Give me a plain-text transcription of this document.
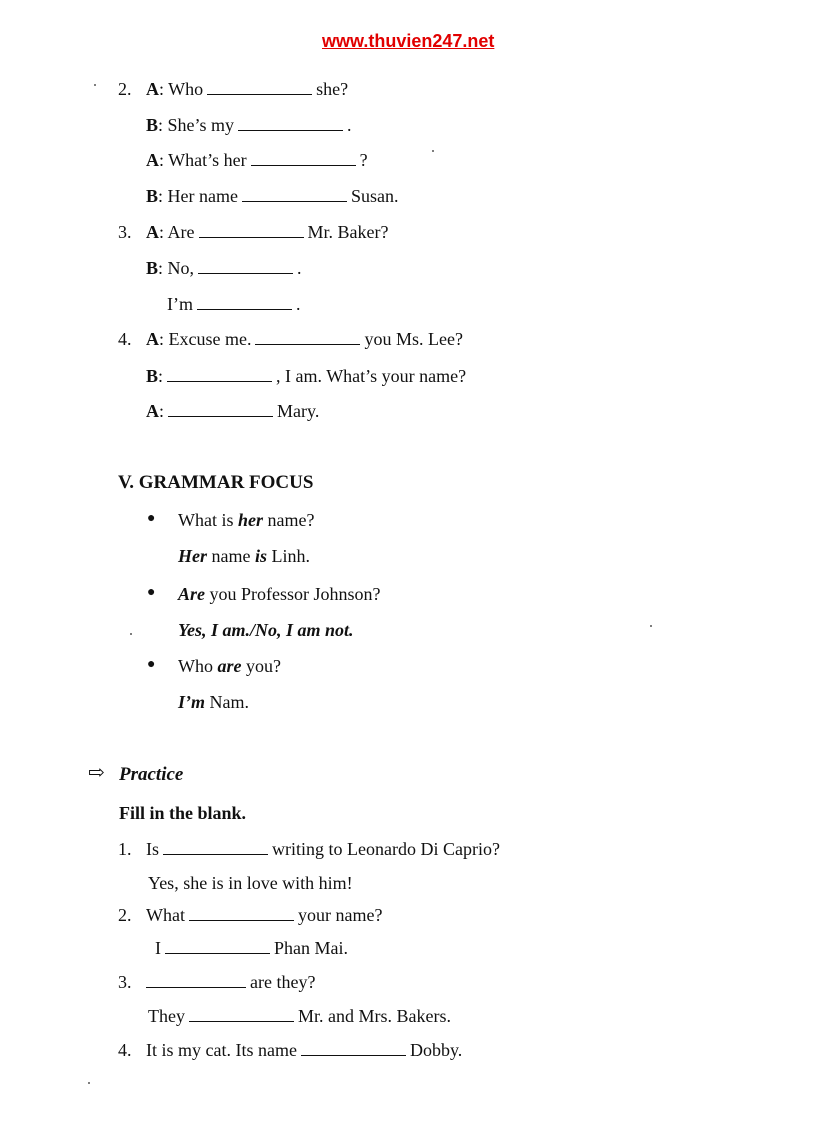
www.thuvien247.net
2. A: Who	she?
B: She’s my	.
A: What’s her	?
B: Her name	Susan.
3. A: Are	Mr. Baker?
B: No,	.
I’m	.
4. A: Excuse me.	you Ms. Lee?
B:	, I am. What’s your name?
A:	Mary.
V. GRAMMAR FOCUS
● What is her name?
Her name is Linh.
● Are you Professor Johnson?
Yes, I am./No, I am not.
● Who are you?
I’m Nam.
⇨ Practice
Fill in the blank.
1. Is	writing to Leonardo Di Caprio?
Yes, she is in love with him!
2. What	your name?
I	Phan Mai.
3.	are they?
They	Mr. and Mrs. Bakers.
4. It is my cat. Its name	Dobby.
